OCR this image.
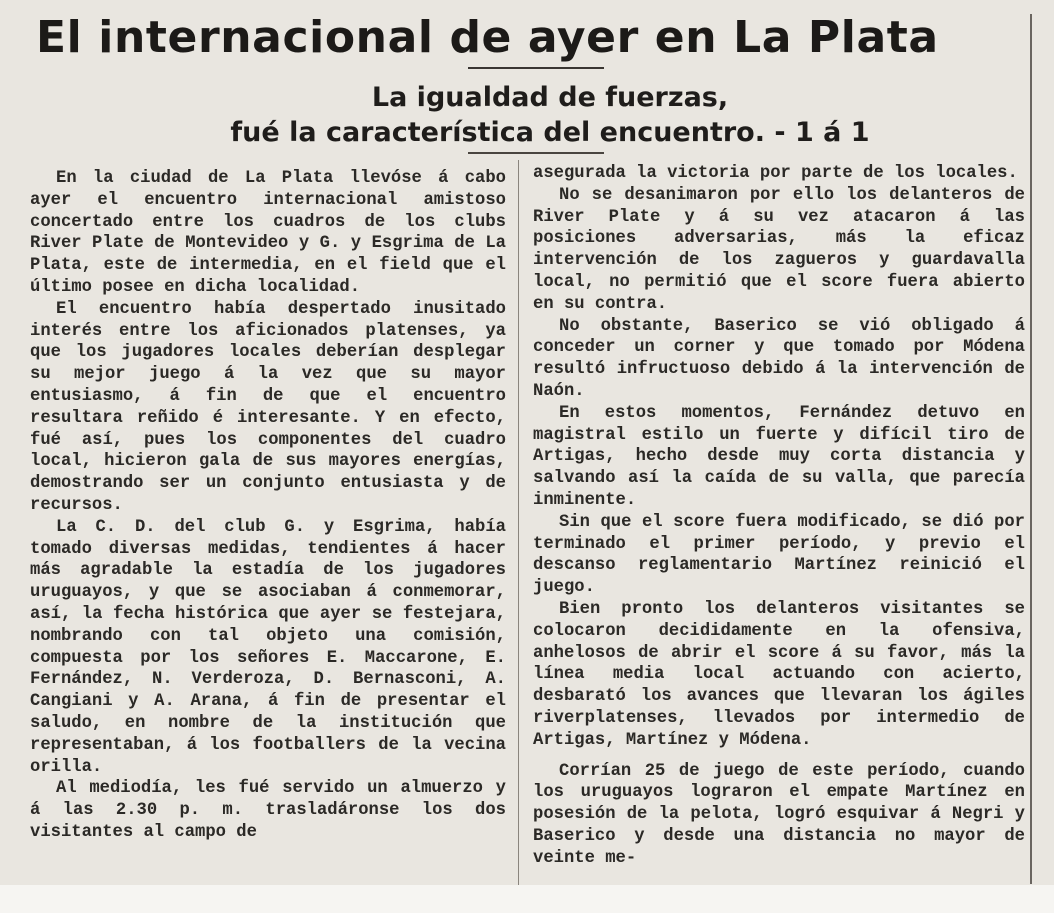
El internacional de ayer en La Plata

La igualdad de fuerzas,

fué la característica del encuentro. - 1 á 1

En la ciudad de La Plata llevóse á cabo ayer el encuentro internacional amistoso concertado entre los cuadros de los clubs River Plate de Montevideo y G. y Esgrima de La Plata, este de intermedia, en el field que el último posee en dicha localidad.

El encuentro había despertado inusitado interés entre los aficionados platenses, ya que los jugadores locales deberían desplegar su mejor juego á la vez que su mayor entusiasmo, á fin de que el encuentro resultara reñido é interesante. Y en efecto, fué así, pues los componentes del cuadro local, hicieron gala de sus mayores energías, demostrando ser un conjunto entusiasta y de recursos.

La C. D. del club G. y Esgrima, había tomado diversas medidas, tendientes á hacer más agradable la estadía de los jugadores uruguayos, y que se asociaban á conmemorar, así, la fecha histórica que ayer se festejara, nombrando con tal objeto una comisión, compuesta por los señores E. Maccarone, E. Fernández, N. Verderoza, D. Bernasconi, A. Cangiani y A. Arana, á fin de presentar el saludo, en nombre de la institución que representaban, á los footballers de la vecina orilla.

Al mediodía, les fué servido un almuerzo y á las 2.30 p. m. trasladáronse los dos visitantes al campo de

asegurada la victoria por parte de los locales.

No se desanimaron por ello los delanteros de River Plate y á su vez atacaron á las posiciones adversarias, más la eficaz intervención de los zagueros y guardavalla local, no permitió que el score fuera abierto en su contra.

No obstante, Baserico se vió obligado á conceder un corner y que tomado por Módena resultó infructuoso debido á la intervención de Naón.

En estos momentos, Fernández detuvo en magistral estilo un fuerte y difícil tiro de Artigas, hecho desde muy corta distancia y salvando así la caída de su valla, que parecía inminente.

Sin que el score fuera modificado, se dió por terminado el primer período, y previo el descanso reglamentario Martínez reinició el juego.

Bien pronto los delanteros visitantes se colocaron decididamente en la ofensiva, anhelosos de abrir el score á su favor, más la línea media local actuando con acierto, desbarató los avances que llevaran los ágiles riverplatenses, llevados por intermedio de Artigas, Martínez y Módena.

Corrían 25 de juego de este período, cuando los uruguayos lograron el empate Martínez en posesión de la pelota, logró esquivar á Negri y Baserico y desde una distancia no mayor de veinte me-
